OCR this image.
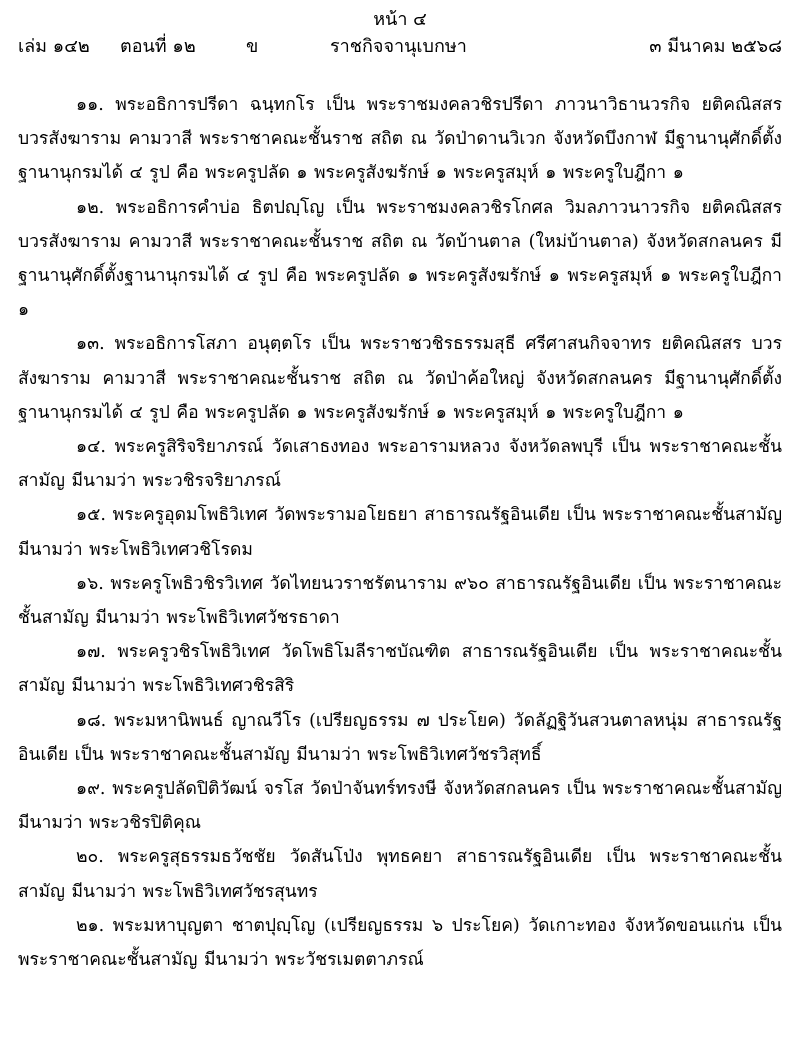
หน้า ๔
เล่ม ๑๔๒ ตอนที่ ๑๒	ข	ราชกิจจานุเบกษา	๓ มีนาคม ๒๕๖๘

๑๑. พระอธิการปรีดา ฉนฺทกโร เป็น พระราชมงคลวชิรปรีดา ภาวนาวิธานวรกิจ ยติคณิสสร บวรสังฆาราม คามวาสี พระราชาคณะชั้นราช สถิต ณ วัดป่าดานวิเวก จังหวัดบึงกาฬ มีฐานานุศักดิ์ตั้งฐานานุกรมได้ ๔ รูป คือ พระครูปลัด ๑ พระครูสังฆรักษ์ ๑ พระครูสมุห์ ๑ พระครูใบฎีกา ๑

๑๒. พระอธิการคำบ่อ ธิตปญฺโญ เป็น พระราชมงคลวชิรโกศล วิมลภาวนาวรกิจ ยติคณิสสร บวรสังฆาราม คามวาสี พระราชาคณะชั้นราช สถิต ณ วัดบ้านตาล (ใหม่บ้านตาล) จังหวัดสกลนคร มีฐานานุศักดิ์ตั้งฐานานุกรมได้ ๔ รูป คือ พระครูปลัด ๑ พระครูสังฆรักษ์ ๑ พระครูสมุห์ ๑ พระครูใบฎีกา ๑

๑๓. พระอธิการโสภา อนุตฺตโร เป็น พระราชวชิรธรรมสุธี ศรีศาสนกิจจาทร ยติคณิสสร บวรสังฆาราม คามวาสี พระราชาคณะชั้นราช สถิต ณ วัดป่าค้อใหญ่ จังหวัดสกลนคร มีฐานานุศักดิ์ตั้งฐานานุกรมได้ ๔ รูป คือ พระครูปลัด ๑ พระครูสังฆรักษ์ ๑ พระครูสมุห์ ๑ พระครูใบฎีกา ๑

๑๔. พระครูสิริจริยาภรณ์ วัดเสาธงทอง พระอารามหลวง จังหวัดลพบุรี เป็น พระราชาคณะชั้นสามัญ มีนามว่า พระวชิรจริยาภรณ์

๑๕. พระครูอุดมโพธิวิเทศ วัดพระรามอโยธยา สาธารณรัฐอินเดีย เป็น พระราชาคณะชั้นสามัญ มีนามว่า พระโพธิวิเทศวชิโรดม

๑๖. พระครูโพธิวชิรวิเทศ วัดไทยนวราชรัตนาราม ๙๖๐ สาธารณรัฐอินเดีย เป็น พระราชาคณะชั้นสามัญ มีนามว่า พระโพธิวิเทศวัชรธาดา

๑๗. พระครูวชิรโพธิวิเทศ วัดโพธิโมลีราชบัณฑิต สาธารณรัฐอินเดีย เป็น พระราชาคณะชั้นสามัญ มีนามว่า พระโพธิวิเทศวชิรสิริ

๑๘. พระมหานิพนธ์ ญาณวีโร (เปรียญธรรม ๗ ประโยค) วัดลัฏฐิวันสวนตาลหนุ่ม สาธารณรัฐอินเดีย เป็น พระราชาคณะชั้นสามัญ มีนามว่า พระโพธิวิเทศวัชรวิสุทธิ์

๑๙. พระครูปลัดปิติวัฒน์ จรโส วัดป่าจันทร์ทรงษี จังหวัดสกลนคร เป็น พระราชาคณะชั้นสามัญ มีนามว่า พระวชิรปิติคุณ

๒๐. พระครูสุธรรมธวัชชัย วัดสันโป่ง พุทธคยา สาธารณรัฐอินเดีย เป็น พระราชาคณะชั้นสามัญ มีนามว่า พระโพธิวิเทศวัชรสุนทร

๒๑. พระมหาบุญตา ชาตปุญฺโญ (เปรียญธรรม ๖ ประโยค) วัดเกาะทอง จังหวัดขอนแก่น เป็น พระราชาคณะชั้นสามัญ มีนามว่า พระวัชรเมตตาภรณ์
